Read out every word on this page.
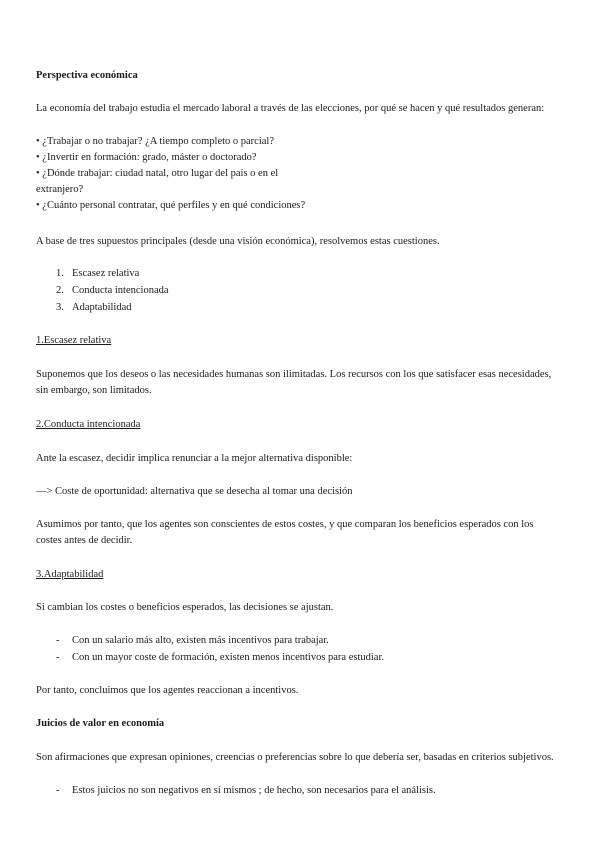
Perspectiva económica

La economía del trabajo estudia el mercado laboral a través de las elecciones, por qué se hacen y qué resultados generan:

• ¿Trabajar o no trabajar? ¿A tiempo completo o parcial?
• ¿Invertir en formación: grado, máster o doctorado?
• ¿Dónde trabajar: ciudad natal, otro lugar del país o en el
extranjero?
• ¿Cuánto personal contratar, qué perfiles y en qué condiciones?

A base de tres supuestos principales (desde una visión económica), resolvemos estas cuestiones.

1. Escasez relativa
2. Conducta intencionada
3. Adaptabilidad

1.Escasez relativa

Suponemos que los deseos o las necesidades humanas son ilimitadas. Los recursos con los que satisfacer esas necesidades, sin embargo, son limitados.

2.Conducta intencionada

Ante la escasez, decidir implica renunciar a la mejor alternativa disponible:

—> Coste de oportunidad: alternativa que se desecha al tomar una decisión

Asumimos por tanto, que los agentes son conscientes de estos costes, y que comparan los beneficios esperados con los costes antes de decidir.

3.Adaptabilidad

Si cambian los costes o beneficios esperados, las decisiones se ajustan.

- Con un salario más alto, existen más incentivos para trabajar.
- Con un mayor coste de formación, existen menos incentivos para estudiar.

Por tanto, concluimos que los agentes reaccionan a incentivos.

Juicios de valor en economía

Son afirmaciones que expresan opiniones, creencias o preferencias sobre lo que debería ser, basadas en criterios subjetivos.

- Estos juicios no son negativos en sí mismos ; de hecho, son necesarios para el análisis.
